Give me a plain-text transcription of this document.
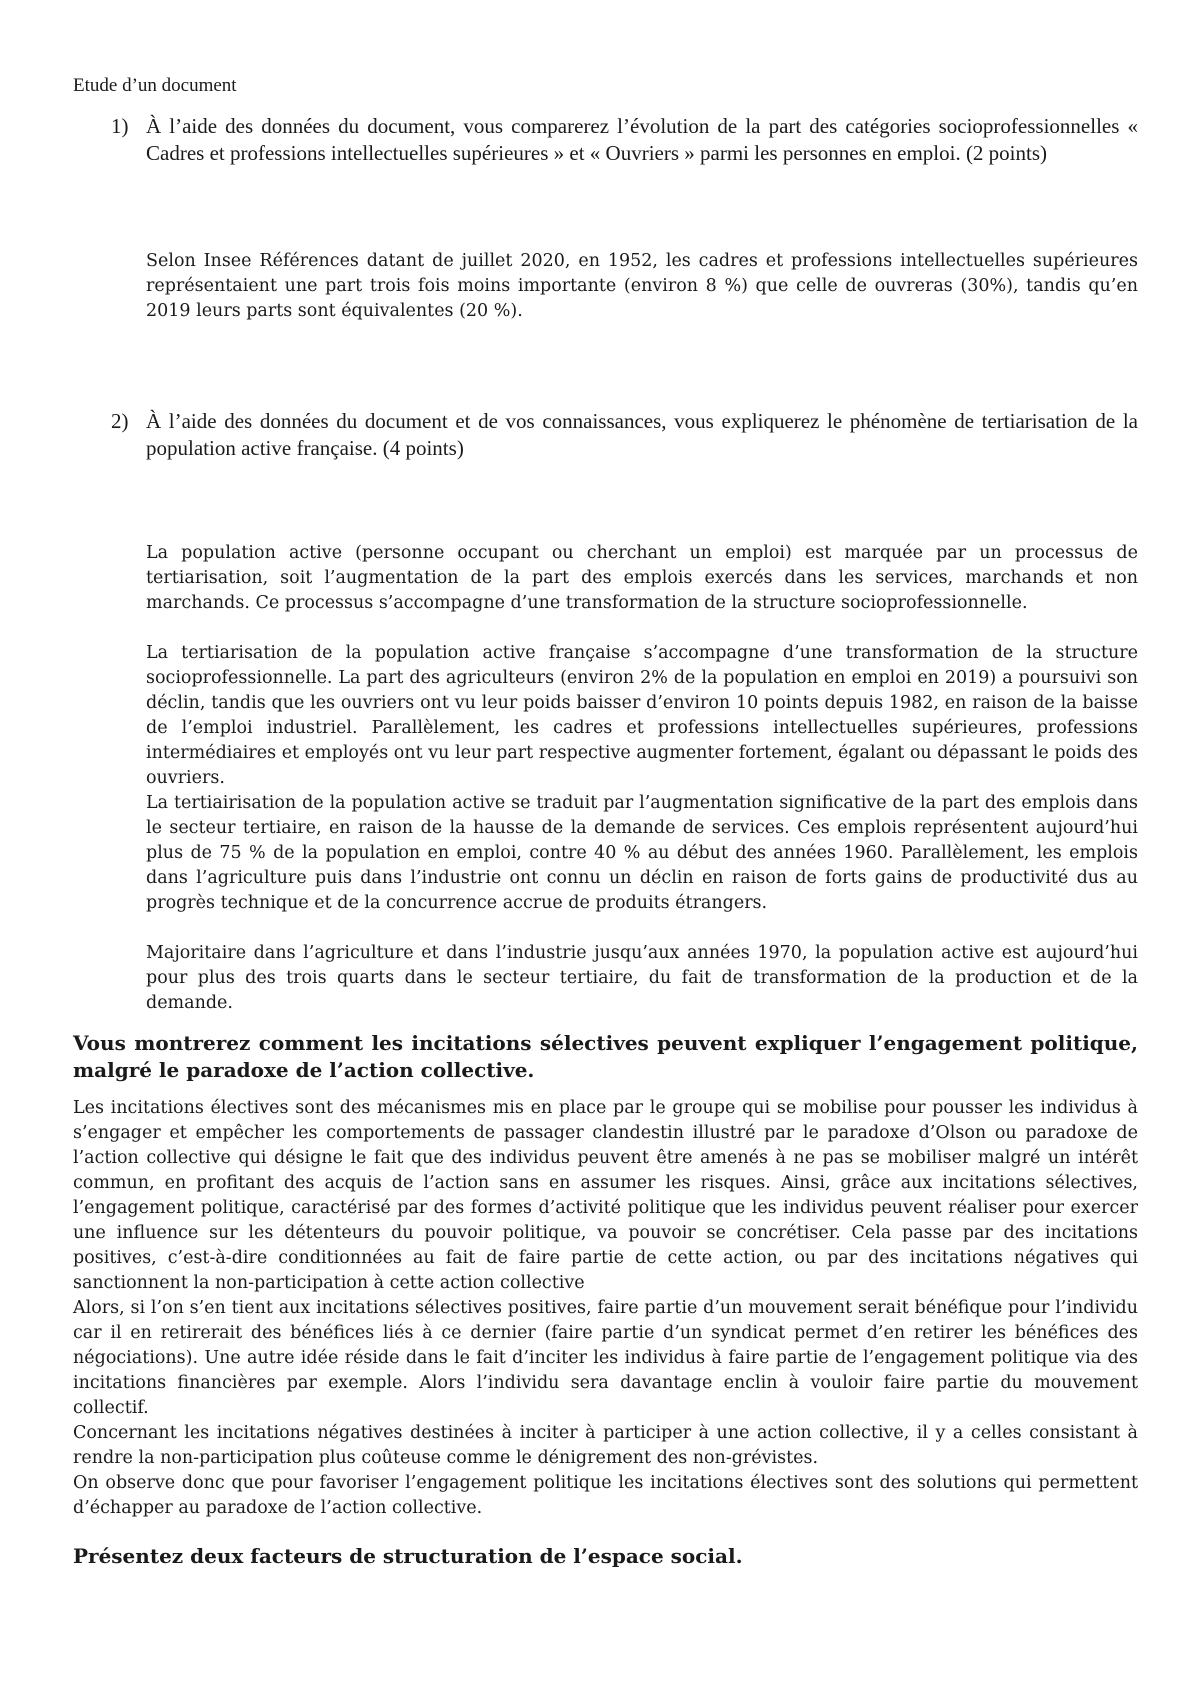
Etude d’un document
1) À l’aide des données du document, vous comparerez l’évolution de la part des catégories socioprofessionnelles « Cadres et professions intellectuelles supérieures » et « Ouvriers » parmi les personnes en emploi. (2 points)

Selon Insee Références datant de juillet 2020, en 1952, les cadres et professions intellectuelles supérieures représentaient une part trois fois moins importante (environ 8 %) que celle de ouvreras (30%), tandis qu’en 2019 leurs parts sont équivalentes (20 %).

2) À l’aide des données du document et de vos connaissances, vous expliquerez le phénomène de tertiarisation de la population active française. (4 points)

La population active (personne occupant ou cherchant un emploi) est marquée par un processus de tertiarisation, soit l’augmentation de la part des emplois exercés dans les services, marchands et non marchands. Ce processus s’accompagne d’une transformation de la structure socioprofessionnelle.

La tertiarisation de la population active française s’accompagne d’une transformation de la structure socioprofessionnelle. La part des agriculteurs (environ 2% de la population en emploi en 2019) a poursuivi son déclin, tandis que les ouvriers ont vu leur poids baisser d’environ 10 points depuis 1982, en raison de la baisse de l’emploi industriel. Parallèlement, les cadres et professions intellectuelles supérieures, professions intermédiaires et employés ont vu leur part respective augmenter fortement, égalant ou dépassant le poids des ouvriers.

La tertiairisation de la population active se traduit par l’augmentation significative de la part des emplois dans le secteur tertiaire, en raison de la hausse de la demande de services. Ces emplois représentent aujourd’hui plus de 75 % de la population en emploi, contre 40 % au début des années 1960. Parallèlement, les emplois dans l’agriculture puis dans l’industrie ont connu un déclin en raison de forts gains de productivité dus au progrès technique et de la concurrence accrue de produits étrangers.

Majoritaire dans l’agriculture et dans l’industrie jusqu’aux années 1970, la population active est aujourd’hui pour plus des trois quarts dans le secteur tertiaire, du fait de transformation de la production et de la demande.

Vous montrerez comment les incitations sélectives peuvent expliquer l’engagement politique, malgré le paradoxe de l’action collective.

Les incitations électives sont des mécanismes mis en place par le groupe qui se mobilise pour pousser les individus à s’engager et empêcher les comportements de passager clandestin illustré par le paradoxe d’Olson ou paradoxe de l’action collective qui désigne le fait que des individus peuvent être amenés à ne pas se mobiliser malgré un intérêt commun, en profitant des acquis de l’action sans en assumer les risques. Ainsi, grâce aux incitations sélectives, l’engagement politique, caractérisé par des formes d’activité politique que les individus peuvent réaliser pour exercer une influence sur les détenteurs du pouvoir politique, va pouvoir se concrétiser. Cela passe par des incitations positives, c’est-à-dire conditionnées au fait de faire partie de cette action, ou par des incitations négatives qui sanctionnent la non-participation à cette action collective

Alors, si l’on s’en tient aux incitations sélectives positives, faire partie d’un mouvement serait bénéfique pour l’individu car il en retirerait des bénéfices liés à ce dernier (faire partie d’un syndicat permet d’en retirer les bénéfices des négociations). Une autre idée réside dans le fait d’inciter les individus à faire partie de l’engagement politique via des incitations financières par exemple. Alors l’individu sera davantage enclin à vouloir faire partie du mouvement collectif.

Concernant les incitations négatives destinées à inciter à participer à une action collective, il y a celles consistant à rendre la non-participation plus coûteuse comme le dénigrement des non-grévistes.

On observe donc que pour favoriser l’engagement politique les incitations électives sont des solutions qui permettent d’échapper au paradoxe de l’action collective.

Présentez deux facteurs de structuration de l’espace social.
